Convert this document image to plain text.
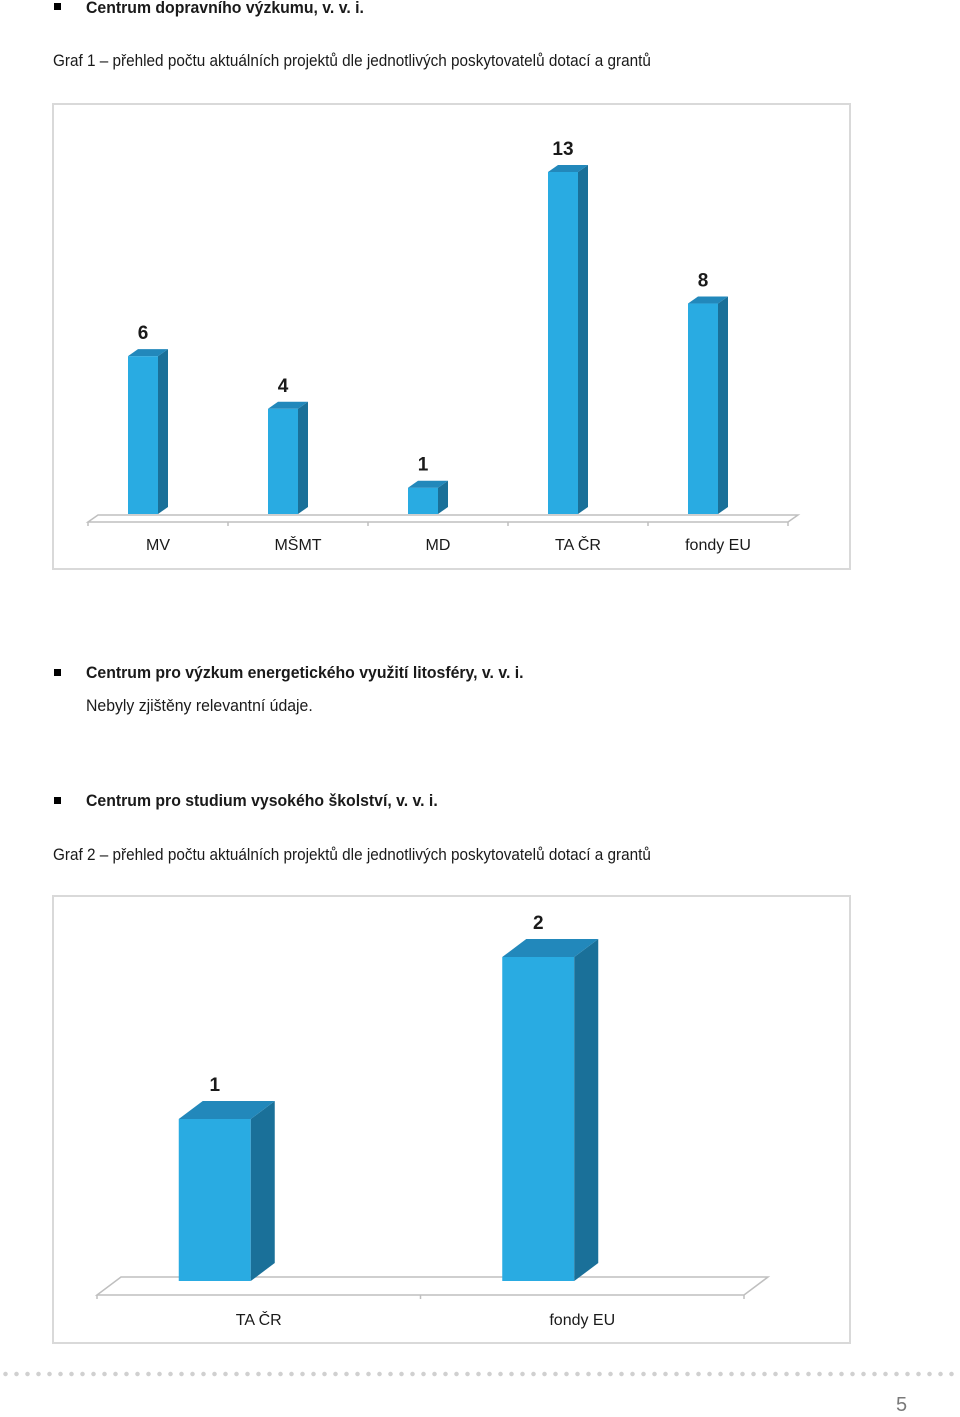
Centrum dopravního výzkumu, v. v. i.
Graf 1 – přehled počtu aktuálních projektů dle jednotlivých poskytovatelů dotací a grantů
6
MV
4
MŠMT
1
MD
13
TA ČR
8
fondy EU
Centrum pro výzkum energetického využití litosféry, v. v. i.
Nebyly zjištěny relevantní údaje.
Centrum pro studium vysokého školství, v. v. i.
Graf 2 – přehled počtu aktuálních projektů dle jednotlivých poskytovatelů dotací a grantů
1
TA ČR
2
fondy EU
5
